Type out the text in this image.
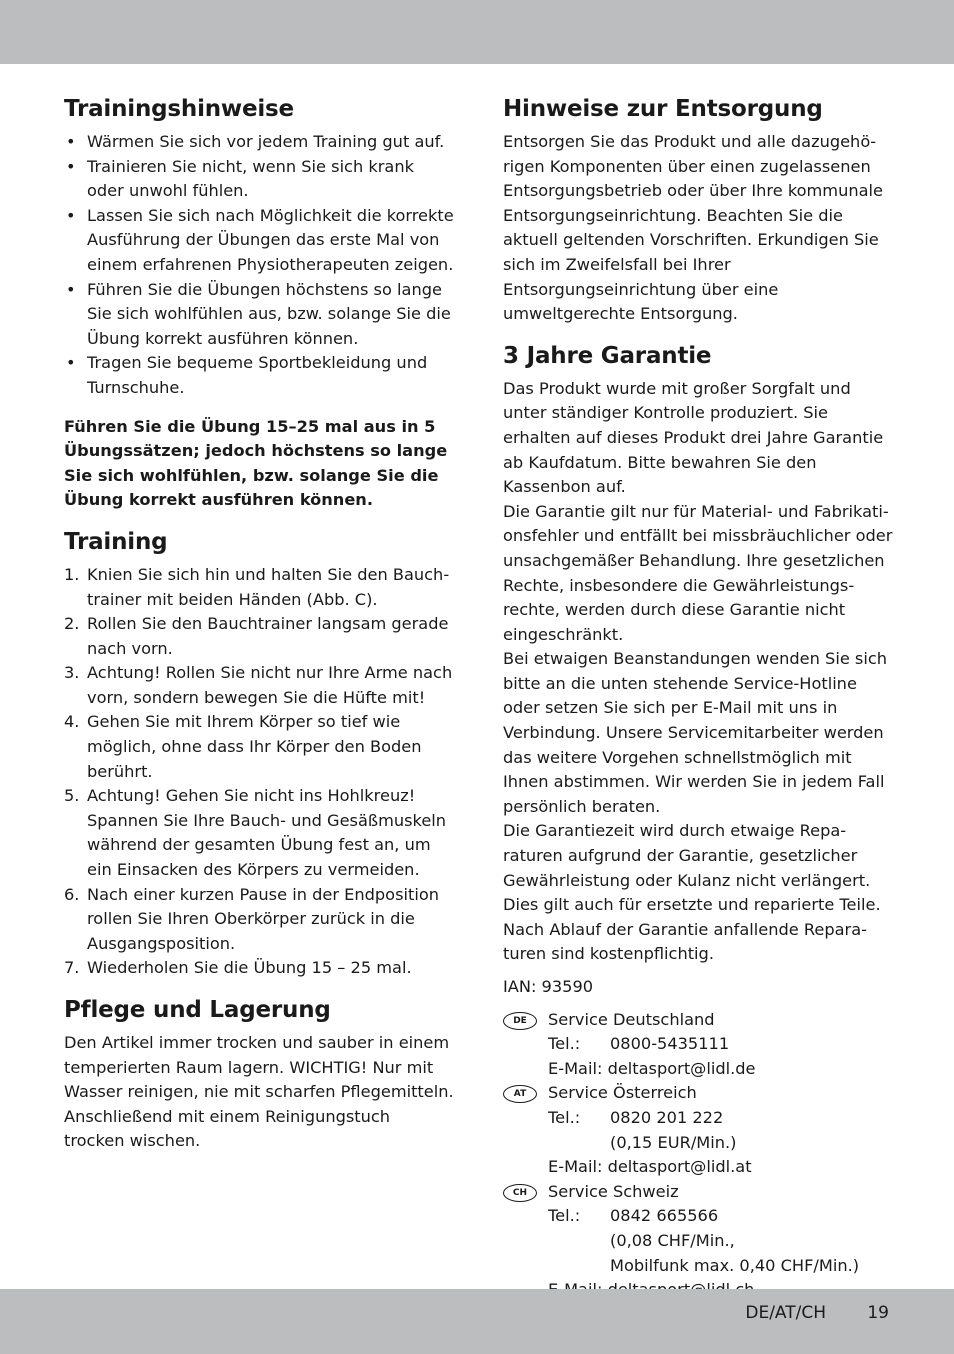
Trainingshinweise
• Wärmen Sie sich vor jedem Training gut auf.
• Trainieren Sie nicht, wenn Sie sich krank oder unwohl fühlen.
• Lassen Sie sich nach Möglichkeit die korrekte Ausführung der Übungen das erste Mal von einem erfahrenen Physiotherapeuten zeigen.
• Führen Sie die Übungen höchstens so lange Sie sich wohlfühlen aus, bzw. solange Sie die Übung korrekt ausführen können.
• Tragen Sie bequeme Sportbekleidung und Turnschuhe.

Führen Sie die Übung 15–25 mal aus in 5 Übungssätzen; jedoch höchstens so lange Sie sich wohlfühlen, bzw. solange Sie die Übung korrekt ausführen können.

Training
1. Knien Sie sich hin und halten Sie den Bauchtrainer mit beiden Händen (Abb. C).
2. Rollen Sie den Bauchtrainer langsam gerade nach vorn.
3. Achtung! Rollen Sie nicht nur Ihre Arme nach vorn, sondern bewegen Sie die Hüfte mit!
4. Gehen Sie mit Ihrem Körper so tief wie möglich, ohne dass Ihr Körper den Boden berührt.
5. Achtung! Gehen Sie nicht ins Hohlkreuz! Spannen Sie Ihre Bauch- und Gesäßmuskeln während der gesamten Übung fest an, um ein Einsacken des Körpers zu vermeiden.
6. Nach einer kurzen Pause in der Endposition rollen Sie Ihren Oberkörper zurück in die Ausgangsposition.
7. Wiederholen Sie die Übung 15 – 25 mal.
Pflege und Lagerung

Den Artikel immer trocken und sauber in einem temperierten Raum lagern. WICHTIG! Nur mit Wasser reinigen, nie mit scharfen Pflegemitteln. Anschließend mit einem Reinigungstuch trocken wischen.

Hinweise zur Entsorgung

Entsorgen Sie das Produkt und alle dazugehörigen Komponenten über einen zugelassenen Entsorgungsbetrieb oder über Ihre kommunale Entsorgungseinrichtung. Beachten Sie die aktuell geltenden Vorschriften. Erkundigen Sie sich im Zweifelsfall bei Ihrer Entsorgungseinrichtung über eine umweltgerechte Entsorgung.

3 Jahre Garantie

Das Produkt wurde mit großer Sorgfalt und unter ständiger Kontrolle produziert. Sie erhalten auf dieses Produkt drei Jahre Garantie ab Kaufdatum. Bitte bewahren Sie den Kassenbon auf.

Die Garantie gilt nur für Material- und Fabrikationsfehler und entfällt bei missbräuchlicher oder unsachgemäßer Behandlung. Ihre gesetzlichen Rechte, insbesondere die Gewährleistungsrechte, werden durch diese Garantie nicht eingeschränkt.

Bei etwaigen Beanstandungen wenden Sie sich bitte an die unten stehende Service-Hotline oder setzen Sie sich per E-Mail mit uns in Verbindung. Unsere Servicemitarbeiter werden das weitere Vorgehen schnellstmöglich mit Ihnen abstimmen. Wir werden Sie in jedem Fall persönlich beraten.

Die Garantiezeit wird durch etwaige Reparaturen aufgrund der Garantie, gesetzlicher Gewährleistung oder Kulanz nicht verlängert. Dies gilt auch für ersetzte und reparierte Teile. Nach Ablauf der Garantie anfallende Reparaturen sind kostenpflichtig.

IAN: 93590

DE	Service Deutschland
Tel.: 0800-5435111
E-Mail: deltasport@lidl.de
AT	Service Österreich
Tel.: 0820 201 222
(0,15 EUR/Min.)
E-Mail: deltasport@lidl.at
CH	Service Schweiz
Tel.: 0842 665566
(0,08 CHF/Min.,
Mobilfunk max. 0,40 CHF/Min.)
DE/AT/CH 19
